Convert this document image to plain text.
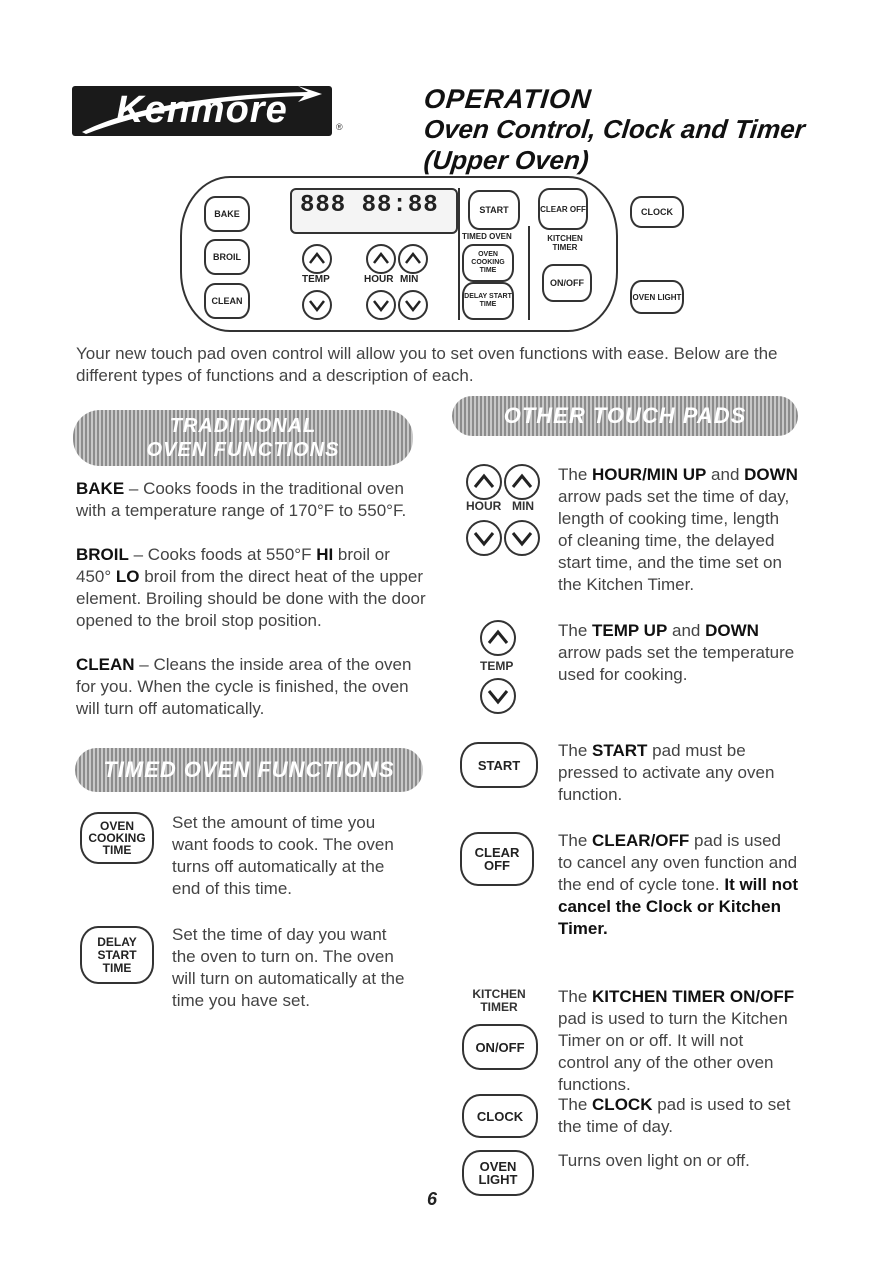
Kenmore	®
OPERATION
Oven Control, Clock and Timer
(Upper Oven)
BAKE
BROIL
CLEAN
888 88:88
TEMP	HOUR MIN
START	CLEAR OFF
TIMED OVEN
OVEN COOKING TIME
DELAY START TIME
KITCHEN TIMER
ON/OFF
CLOCK
OVEN LIGHT

Your new touch pad oven control will allow you to set oven functions with ease. Below are the different types of functions and a description of each.

TRADITIONAL
OVEN FUNCTIONS

BAKE – Cooks foods in the traditional oven with a temperature range of 170°F to 550°F.

BROIL – Cooks foods at 550°F HI broil or 450° LO broil from the direct heat of the upper element. Broiling should be done with the door opened to the broil stop position.

CLEAN – Cleans the inside area of the oven for you. When the cycle is finished, the oven will turn off automatically.

TIMED OVEN FUNCTIONS
OVEN COOKING TIME

Set the amount of time you want foods to cook. The oven turns off automatically at the end of this time.

DELAY START TIME

Set the time of day you want the oven to turn on. The oven will turn on automatically at the time you have set.

OTHER TOUCH PADS
HOUR MIN

The HOUR/MIN UP and DOWN arrow pads set the time of day, length of cooking time, length of cleaning time, the delayed start time, and the time set on the Kitchen Timer.

TEMP

The TEMP UP and DOWN arrow pads set the temperature used for cooking.

START

The START pad must be pressed to activate any oven function.

CLEAR OFF

The CLEAR/OFF pad is used to cancel any oven function and the end of cycle tone. It will not cancel the Clock or Kitchen Timer.

KITCHEN TIMER
ON/OFF

The KITCHEN TIMER ON/OFF pad is used to turn the Kitchen Timer on or off. It will not control any of the other oven functions.

CLOCK

The CLOCK pad is used to set the time of day.

OVEN LIGHT

Turns oven light on or off.

6
